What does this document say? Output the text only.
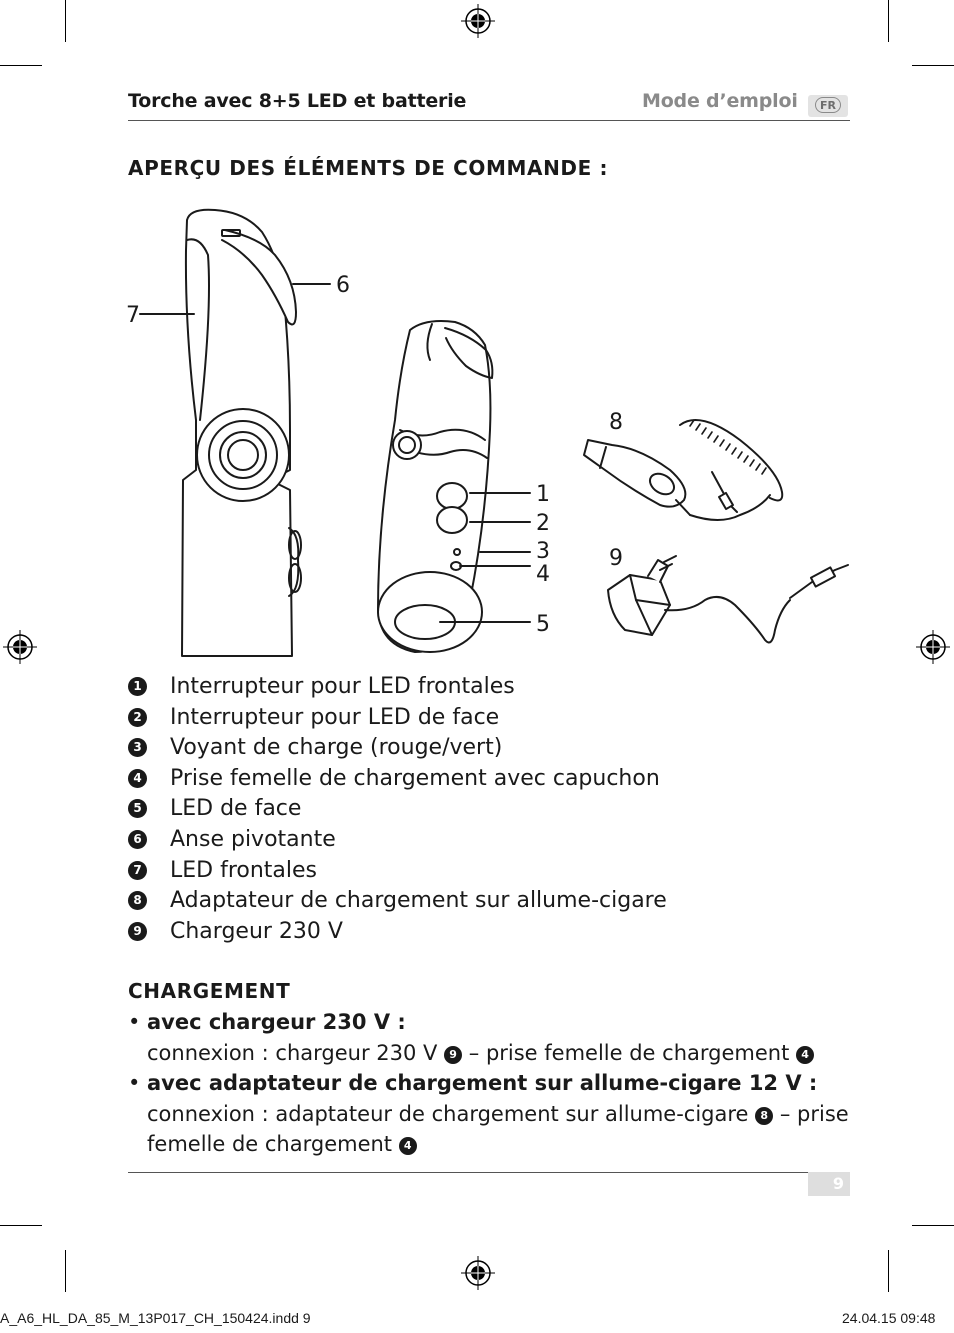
Torche avec 8+5 LED et batterie	Mode d’emploi	FR
APERÇU DES ÉLÉMENTS DE COMMANDE :
1
2
3
4
5
6
7
8
9
1 Interrupteur pour LED frontales
2 Interrupteur pour LED de face
3 Voyant de charge (rouge/vert)
4 Prise femelle de chargement avec capuchon
5 LED de face
6 Anse pivotante
7 LED frontales
8 Adaptateur de chargement sur allume-cigare
9 Chargeur 230 V
CHARGEMENT
• avec chargeur 230 V :
connexion : chargeur 230 V 9 – prise femelle de chargement 4
• avec adaptateur de chargement sur allume-cigare 12 V :
connexion : adaptateur de chargement sur allume-cigare 8 – prise
femelle de chargement 4
9
A_A6_HL_DA_85_M_13P017_CH_150424.indd 9	24.04.15 09:48
